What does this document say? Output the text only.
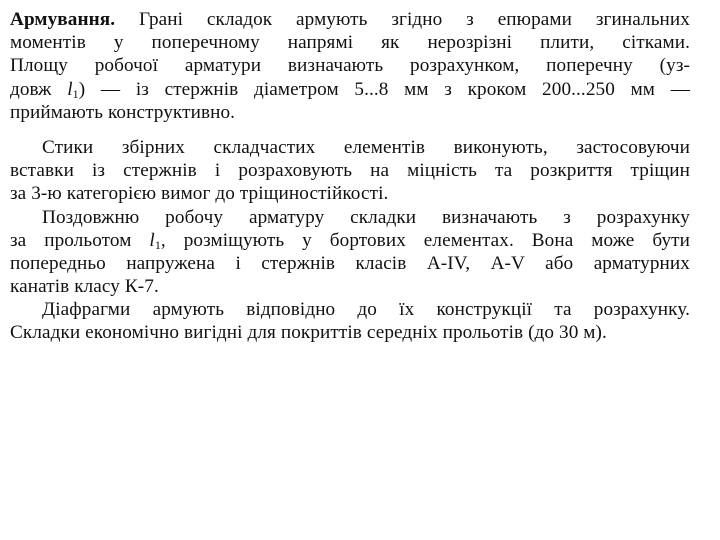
Армування. Грані складок армують згідно з епюрами згинальних
моментів у поперечному напрямі як нерозрізні плити, сітками.
Площу робочої арматури визначають розрахунком, поперечну (уз-
довж $l_1$) — із стержнів діаметром 5...8 мм з кроком 200...250 мм —
приймають конструктивно.
Стики збірних складчастих елементів виконують, застосовуючи
вставки із стержнів і розраховують на міцність та розкриття тріщин
за 3-ю категорією вимог до тріщиностійкості.
Поздовжню робочу арматуру складки визначають з розрахунку
за прольотом $l_1$, розміщують у бортових елементах. Вона може бути
попередньо напружена і стержнів класів А-IV, А-V або арматурних
канатів класу К-7.
Діафрагми армують відповідно до їх конструкції та розрахунку.
Складки економічно вигідні для покриттів середніх прольотів (до 30 м).
